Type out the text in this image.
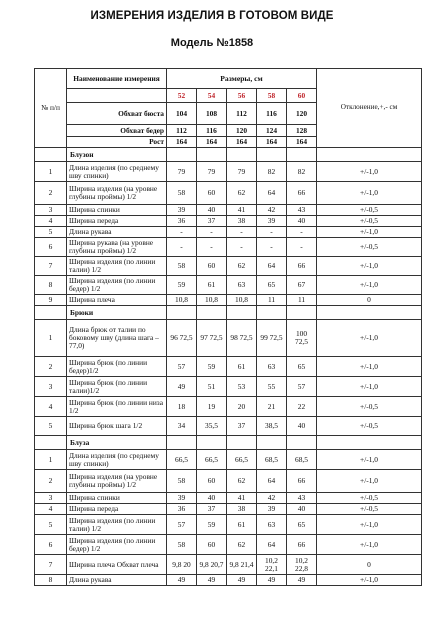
ИЗМЕРЕНИЯ ИЗДЕЛИЯ В ГОТОВОМ ВИДЕ
Модель №1858
№ п/п	Наименование измерения	Размеры, см					Отклонение,+,- см
		52	54	56	58	60	
	Обхват бюста	104	108	112	116	120	
	Обхват бедер	112	116	120	124	128	
	Рост	164	164	164	164	164	
	Блузон						
1	Длина изделия (по среднему шву спинки)	79	79	79	82	82	+/-1,0
2	Ширина изделия (на уровне глубины проймы) 1/2	58	60	62	64	66	+/-1,0
3	Ширина спинки	39	40	41	42	43	+/-0,5
4	Ширина переда	36	37	38	39	40	+/-0,5
5	Длина рукава	-	-	-	-	-	+/-1,0
6	Ширина рукава (на уровне глубины проймы) 1/2	-	-	-	-	-	+/-0,5
7	Ширина изделия (по линии талии) 1/2	58	60	62	64	66	+/-1,0
8	Ширина изделия (по линии бедер) 1/2	59	61	63	65	67	+/-1,0
9	Ширина плеча	10,8	10,8	10,8	11	11	0
	Брюки						
1	Длина брюк от талии по боковому шву (длина шага – 77,0)	96 72,5	97 72,5	98 72,5	99 72,5	100 72,5	+/-1,0
2	Ширина брюк (по линии бедер)1/2	57	59	61	63	65	+/-1,0
3	Ширина брюк (по линии талии)1/2	49	51	53	55	57	+/-1,0
4	Ширина брюк (по линии низа 1/2	18	19	20	21	22	+/-0,5
5	Ширина брюк шага 1/2	34	35,5	37	38,5	40	+/-0,5
	Блуза						
1	Длина изделия (по среднему шву спинки)	66,5	66,5	66,5	68,5	68,5	+/-1,0
2	Ширина изделия (на уровне глубины проймы) 1/2	58	60	62	64	66	+/-1,0
3	Ширина спинки	39	40	41	42	43	+/-0,5
4	Ширина переда	36	37	38	39	40	+/-0,5
5	Ширина изделия (по линии талии) 1/2	57	59	61	63	65	+/-1,0
6	Ширина изделия (по линии бедер) 1/2	58	60	62	64	66	+/-1,0
7	Ширина плеча Обхват плеча	9,8 20	9,8 20,7	9,8 21,4	10,2 22,1	10,2 22,8	0
8	Длина рукава	49	49	49	49	49	+/-1,0
